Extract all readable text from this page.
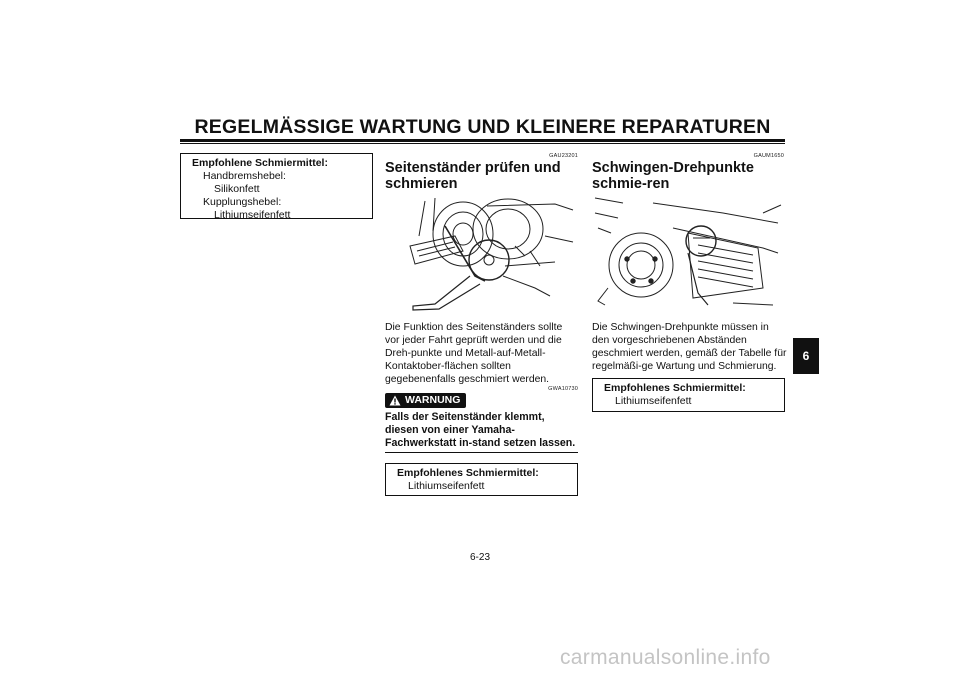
REGELMÄSSIGE WARTUNG UND KLEINERE REPARATUREN
Empfohlene Schmiermittel:
Handbremshebel:
Silikonfett
Kupplungshebel:
Lithiumseifenfett
GAU23201
Seitenständer prüfen und schmieren
Die Funktion des Seitenständers sollte vor jeder Fahrt geprüft werden und die Dreh-punkte und Metall-auf-Metall-Kontaktober-flächen sollten gegebenenfalls geschmiert werden.
GWA10730
WARNUNG
Falls der Seitenständer klemmt, diesen von einer Yamaha-Fachwerkstatt in-stand setzen lassen.
Empfohlenes Schmiermittel:
Lithiumseifenfett
GAUM1650
Schwingen-Drehpunkte schmie-ren
Die Schwingen-Drehpunkte müssen in den vorgeschriebenen Abständen geschmiert werden, gemäß der Tabelle für regelmäßi-ge Wartung und Schmierung.
Empfohlenes Schmiermittel:
Lithiumseifenfett
6
6-23
carmanualsonline.info
